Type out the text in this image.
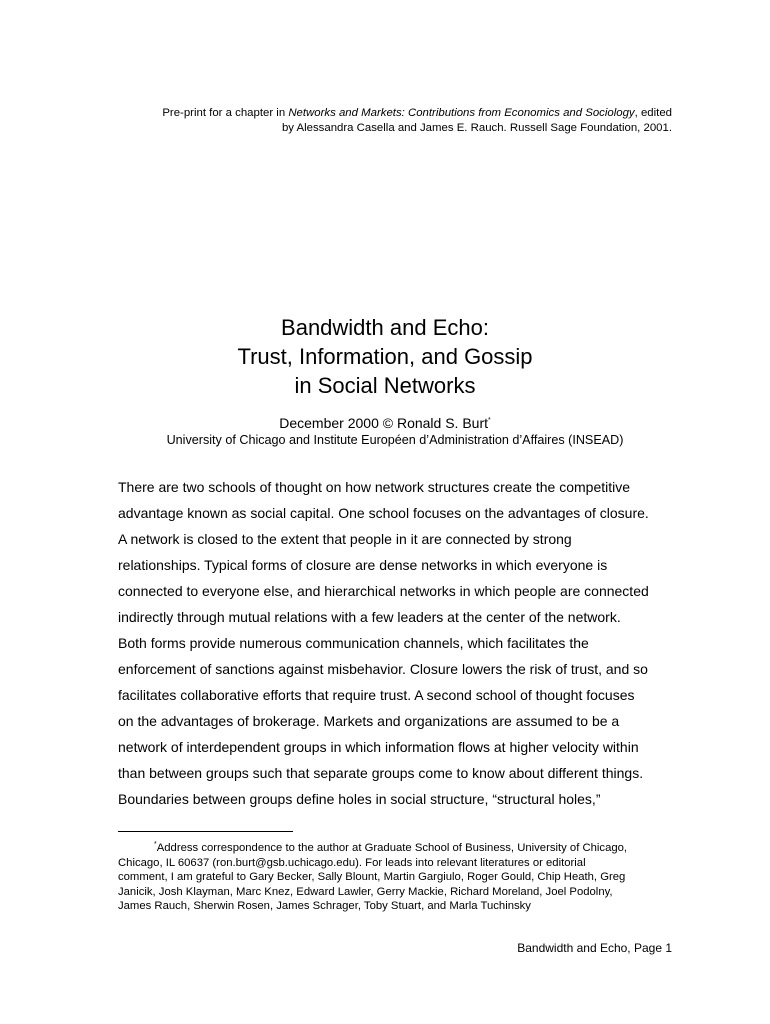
Pre-print for a chapter in Networks and Markets: Contributions from Economics and Sociology, edited
by Alessandra Casella and James E. Rauch. Russell Sage Foundation, 2001.
Bandwidth and Echo:
Trust, Information, and Gossip
in Social Networks
December 2000 © Ronald S. Burt*
University of Chicago and Institute Européen d’Administration d’Affaires (INSEAD)
There are two schools of thought on how network structures create the competitive
advantage known as social capital. One school focuses on the advantages of closure.
A network is closed to the extent that people in it are connected by strong
relationships. Typical forms of closure are dense networks in which everyone is
connected to everyone else, and hierarchical networks in which people are connected
indirectly through mutual relations with a few leaders at the center of the network.
Both forms provide numerous communication channels, which facilitates the
enforcement of sanctions against misbehavior. Closure lowers the risk of trust, and so
facilitates collaborative efforts that require trust. A second school of thought focuses
on the advantages of brokerage. Markets and organizations are assumed to be a
network of interdependent groups in which information flows at higher velocity within
than between groups such that separate groups come to know about different things.
Boundaries between groups define holes in social structure, “structural holes,”
*Address correspondence to the author at Graduate School of Business, University of Chicago,
Chicago, IL 60637 (ron.burt@gsb.uchicago.edu). For leads into relevant literatures or editorial
comment, I am grateful to Gary Becker, Sally Blount, Martin Gargiulo, Roger Gould, Chip Heath, Greg
Janicik, Josh Klayman, Marc Knez, Edward Lawler, Gerry Mackie, Richard Moreland, Joel Podolny,
James Rauch, Sherwin Rosen, James Schrager, Toby Stuart, and Marla Tuchinsky
Bandwidth and Echo, Page 1
